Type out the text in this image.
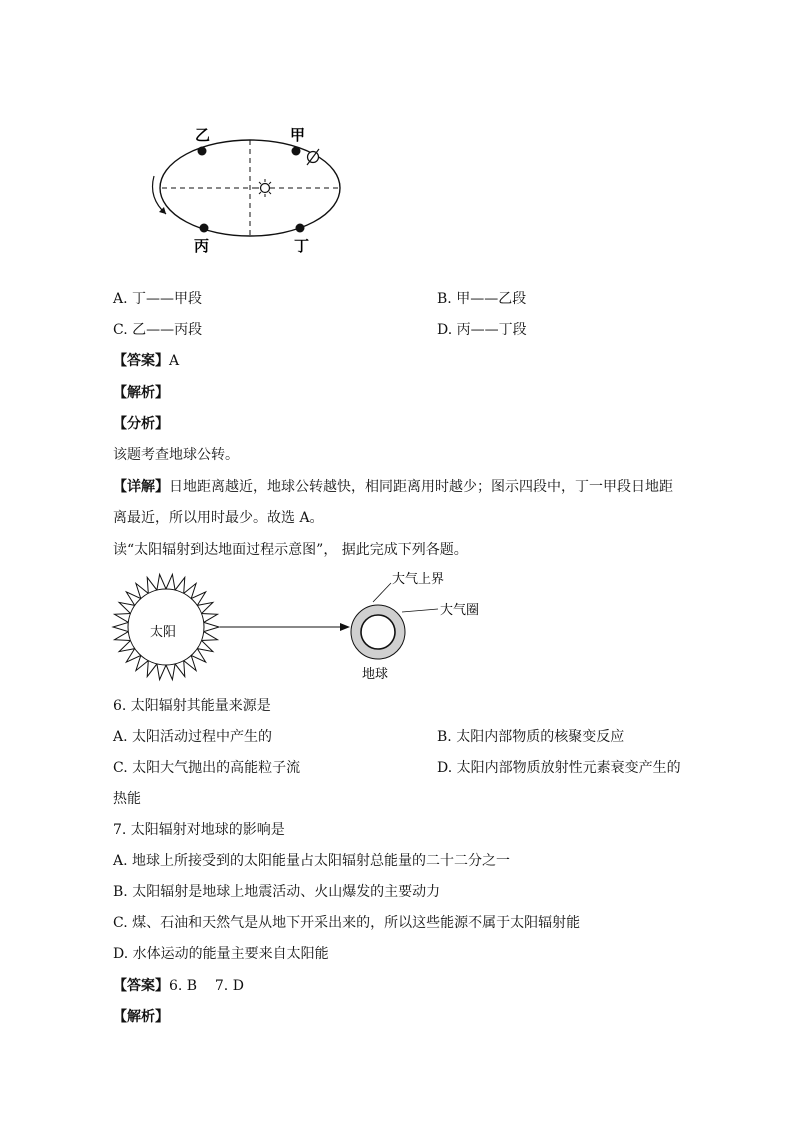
乙	甲
丙	丁
A. 丁——甲段	B. 甲——乙段
C. 乙——丙段	D. 丙——丁段
【答案】A
【解析】
【分析】
该题考查地球公转。
【详解】日地距离越近，地球公转越快，相同距离用时越少；图示四段中，丁一甲段日地距
离最近，所以用时最少。故选 A。
读“太阳辐射到达地面过程示意图”， 据此完成下列各题。
太阳
大气上界
大气圈
地球
6. 太阳辐射其能量来源是
A. 太阳活动过程中产生的	B. 太阳内部物质的核聚变反应
C. 太阳大气抛出的高能粒子流	D. 太阳内部物质放射性元素衰变产生的
热能
7. 太阳辐射对地球的影响是
A. 地球上所接受到的太阳能量占太阳辐射总能量的二十二分之一
B. 太阳辐射是地球上地震活动、火山爆发的主要动力
C. 煤、石油和天然气是从地下开采出来的，所以这些能源不属于太阳辐射能
D. 水体运动的能量主要来自太阳能
【答案】6. B    7. D
【解析】
